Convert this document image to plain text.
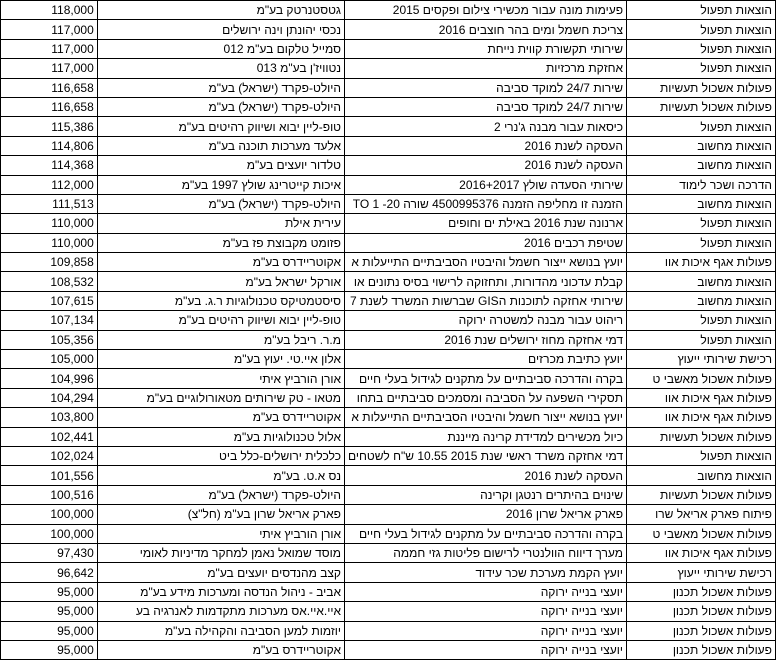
118,000	גטסטנרטק בע"מ	פעימות מונה עבור מכשירי צילום ופקסים 2015	הוצאות תפעול
117,000	נכסי יהונתן וינה ירושלים	צריכת חשמל ומים בהר חוצבים 2016	הוצאות תפעול
117,000	סמייל טלקום בע"מ 012	שירותי תקשורת קווית נייחת	הוצאות תפעול
117,000	נטוויז'ן בע"מ 013	אחזקת מרכזיות	הוצאות תפעול
116,658	היולט-פקרד (ישראל) בע"מ	שירות 24/7 למוקד סביבה	פעולות אשכול תעשיות
116,658	היולט-פקרד (ישראל) בע"מ	שירות 24/7 למוקד סביבה	פעולות אשכול תעשיות
115,386	טופ-ליין יבוא ושיווק רהיטים בע"מ	כיסאות עבור מבנה ג'נרי 2	הוצאות תפעול
114,806	אלעד מערכות תוכנה בע"מ	העסקה לשנת 2016	הוצאות מחשוב
114,368	טלדור יועצים בע"מ	העסקה לשנת 2016	הוצאות מחשוב
112,000	איכות קייטרינג שולץ 1997 בע"מ	שירותי הסעדה שולץ 2016+2017	הדרכה ושכר לימוד
111,513	היולט-פקרד (ישראל) בע"מ	הזמנה זו מחליפה הזמנה 4500995376 שורה 20- 1 TO	הוצאות מחשוב
110,000	עירית אילת	ארנונה שנת 2016 באילת ים וחופים	הוצאות תפעול
110,000	פזומט מקבוצת פז בע"מ	שטיפת רכבים 2016	הוצאות תפעול
109,858	אקוטריידרס בע"מ	יועץ בנושא ייצור חשמל והיבטיו הסביבתיים התייעלות א	פעולות אגף איכות אוו
108,532	אורקל ישראל בע"מ	קבלת עדכוני מהדורות, ותחזוקה לרישוי בסיס נתונים או	הוצאות מחשוב
107,615	סיסטמטיקס טכנולוגיות ר.ג. בע"מ	שירותי אחזקה לתוכנות הGIS שברשות המשרד לשנת 7	הוצאות מחשוב
107,134	טופ-ליין יבוא ושיווק רהיטים בע"מ	ריהוט עבור מבנה למשטרה ירוקה	הוצאות תפעול
105,356	מ.ר. ריבל בע"מ	דמי אחזקה מחוז ירושלים שנת 2016	הוצאות תפעול
105,000	אלון איי.טי. יעוץ בע"מ	יועץ כתיבת מכרזים	רכישת שירותי ייעוץ
104,996	אורן הורביץ איתי	בקרה והדרכה סביבתיים על מתקנים לגידול בעלי חיים	פעולות אשכול מאשבי ט
104,294	מטאו - טק שירותים מטאורולוגיים בע"מ	תסקירי השפעה על הסביבה ומסמכים סביבתיים בתחו	פעולות אגף איכות אוו
103,800	אקוטריידרס בע"מ	יועץ בנושא ייצור חשמל והיבטיו הסביבתיים התייעלות א	פעולות אגף איכות אוו
102,441	אלול טכנולוגיות בע"מ	כיול מכשירים למדידת קרינה מייננת	פעולות אשכול תעשיות
102,024	כלכלית ירושלים-כלל ביט	דמי אחזקה משרד ראשי שנת 2015 10.55 ש"ח לשטחים	הוצאות תפעול
101,556	נס א.ט. בע"מ	העסקה לשנת 2016	הוצאות מחשוב
100,516	היולט-פקרד (ישראל) בע"מ	שינוים בהיתרים רנטגן וקרינה	פעולות אשכול תעשיות
100,000	פארק אריאל שרון בע"מ (חל"צ)	פארק אריאל שרון 2016	פיתוח פארק אריאל שרו
100,000	אורן הורביץ איתי	בקרה והדרכה סביבתיים על מתקנים לגידול בעלי חיים	פעולות אשכול מאשבי ט
97,430	מוסד שמואל נאמן למחקר מדיניות לאומי	מערך דיווח הוולנטרי לרישום פליטות גזי חממה	פעולות אגף איכות אוו
96,642	קצב מהנדסים יועצים בע"מ	יועץ הקמת מערכת שכר עידוד	רכישת שירותי ייעוץ
95,000	אביב - ניהול הנדסה ומערכות מידע בע"מ	יועצי בנייה ירוקה	פעולות אשכול תכנון
95,000	איי.איי.אס מערכות מתקדמות לאנרגיה בע	יועצי בנייה ירוקה	פעולות אשכול תכנון
95,000	יוזמות למען הסביבה והקהילה בע"מ	יועצי בנייה ירוקה	פעולות אשכול תכנון
95,000	אקוטריידרס בע"מ	יועצי בנייה ירוקה	פעולות אשכול תכנון
